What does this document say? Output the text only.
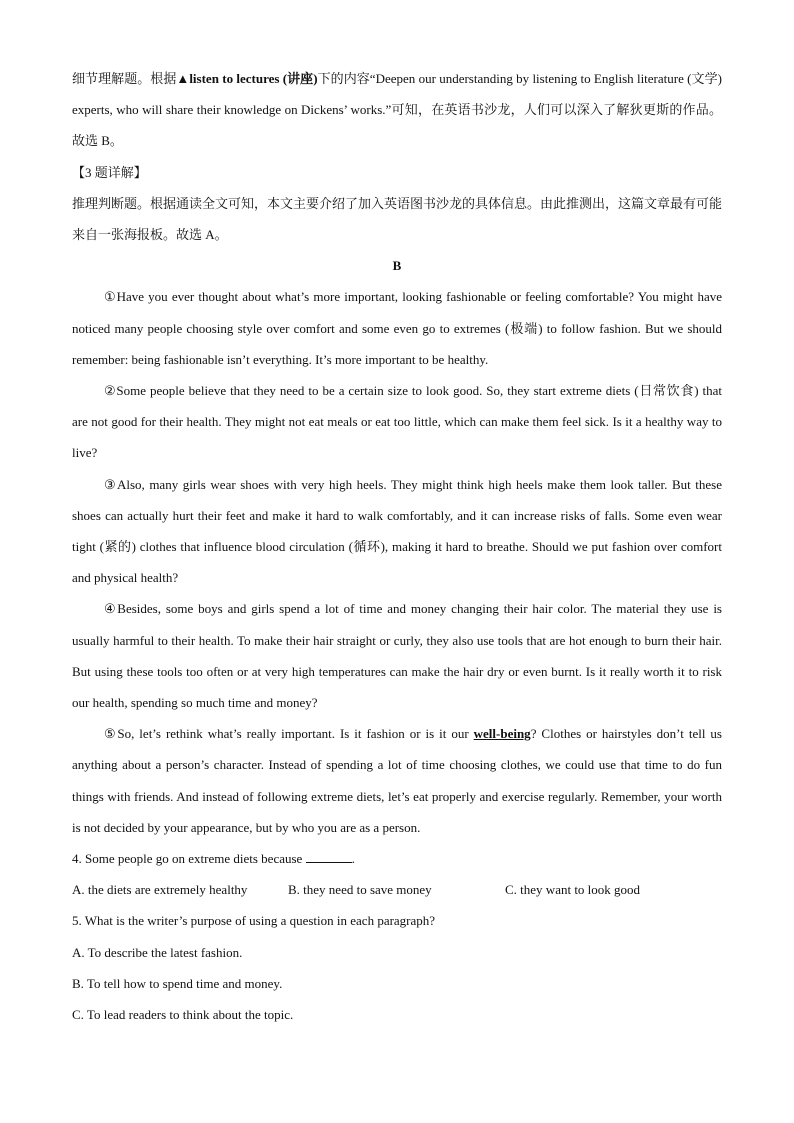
细节理解题。根据▲listen to lectures (讲座)下的内容“Deepen our understanding by listening to English literature (文学) experts, who will share their knowledge on Dickens’ works.”可知，在英语书沙龙，人们可以深入了解狄更斯的作品。故选 B。

【3 题详解】

推理判断题。根据通读全文可知，本文主要介绍了加入英语图书沙龙的具体信息。由此推测出，这篇文章最有可能来自一张海报板。故选 A。

B

①Have you ever thought about what’s more important, looking fashionable or feeling comfortable? You might have noticed many people choosing style over comfort and some even go to extremes (极端) to follow fashion. But we should remember: being fashionable isn’t everything. It’s more important to be healthy.

②Some people believe that they need to be a certain size to look good. So, they start extreme diets (日常饮食) that are not good for their health. They might not eat meals or eat too little, which can make them feel sick. Is it a healthy way to live?

③Also, many girls wear shoes with very high heels. They might think high heels make them look taller. But these shoes can actually hurt their feet and make it hard to walk comfortably, and it can increase risks of falls. Some even wear tight (紧的) clothes that influence blood circulation (循环), making it hard to breathe. Should we put fashion over comfort and physical health?

④Besides, some boys and girls spend a lot of time and money changing their hair color. The material they use is usually harmful to their health. To make their hair straight or curly, they also use tools that are hot enough to burn their hair. But using these tools too often or at very high temperatures can make the hair dry or even burnt. Is it really worth it to risk our health, spending so much time and money?

⑤So, let’s rethink what’s really important. Is it fashion or is it our well-being? Clothes or hairstyles don’t tell us anything about a person’s character. Instead of spending a lot of time choosing clothes, we could use that time to do fun things with friends. And instead of following extreme diets, let’s eat properly and exercise regularly. Remember, your worth is not decided by your appearance, but by who you are as a person.

4. Some people go on extreme diets because	.

A. the diets are extremely healthy	B. they need to save money	C. they want to look good

5. What is the writer’s purpose of using a question in each paragraph?

A. To describe the latest fashion.

B. To tell how to spend time and money.

C. To lead readers to think about the topic.
